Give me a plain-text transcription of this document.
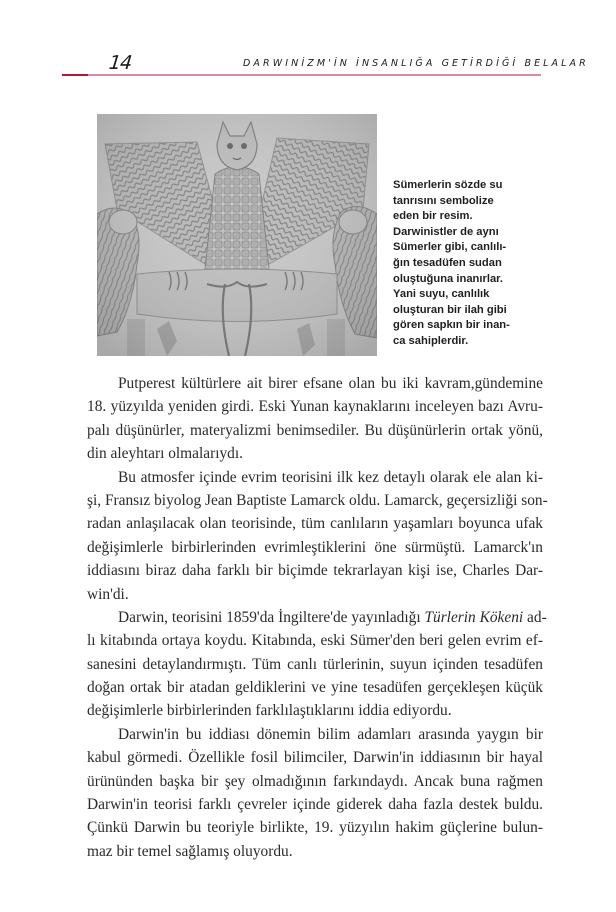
14	DARWINİZM'İN İNSANLIĞA GETİRDİĞİ BELALAR
Sümerlerin sözde su
tanrısını sembolize
eden bir resim.
Darwinistler de aynı
Sümerler gibi, canlılı-
ğın tesadüfen sudan
oluştuğuna inanırlar.
Yani suyu, canlılık
oluşturan bir ilah gibi
gören sapkın bir inan-
ca sahiplerdir.
Putperest kültürlere ait birer efsane olan bu iki kavram,gündemine
18. yüzyılda yeniden girdi. Eski Yunan kaynaklarını inceleyen bazı Avru-
palı düşünürler, materyalizmi benimsediler. Bu düşünürlerin ortak yönü,
din aleyhtarı olmalarıydı.
Bu atmosfer içinde evrim teorisini ilk kez detaylı olarak ele alan ki-
şi, Fransız biyolog Jean Baptiste Lamarck oldu. Lamarck, geçersizliği son-
radan anlaşılacak olan teorisinde, tüm canlıların yaşamları boyunca ufak
değişimlerle birbirlerinden evrimleştiklerini öne sürmüştü. Lamarck'ın
iddiasını biraz daha farklı bir biçimde tekrarlayan kişi ise, Charles Dar-
win'di.
Darwin, teorisini 1859'da İngiltere'de yayınladığı Türlerin Kökeni ad-
lı kitabında ortaya koydu. Kitabında, eski Sümer'den beri gelen evrim ef-
sanesini detaylandırmıştı. Tüm canlı türlerinin, suyun içinden tesadüfen
doğan ortak bir atadan geldiklerini ve yine tesadüfen gerçekleşen küçük
değişimlerle birbirlerinden farklılaştıklarını iddia ediyordu.
Darwin'in bu iddiası dönemin bilim adamları arasında yaygın bir
kabul görmedi. Özellikle fosil bilimciler, Darwin'in iddiasının bir hayal
ürününden başka bir şey olmadığının farkındaydı. Ancak buna rağmen
Darwin'in teorisi farklı çevreler içinde giderek daha fazla destek buldu.
Çünkü Darwin bu teoriyle birlikte, 19. yüzyılın hakim güçlerine bulun-
maz bir temel sağlamış oluyordu.
